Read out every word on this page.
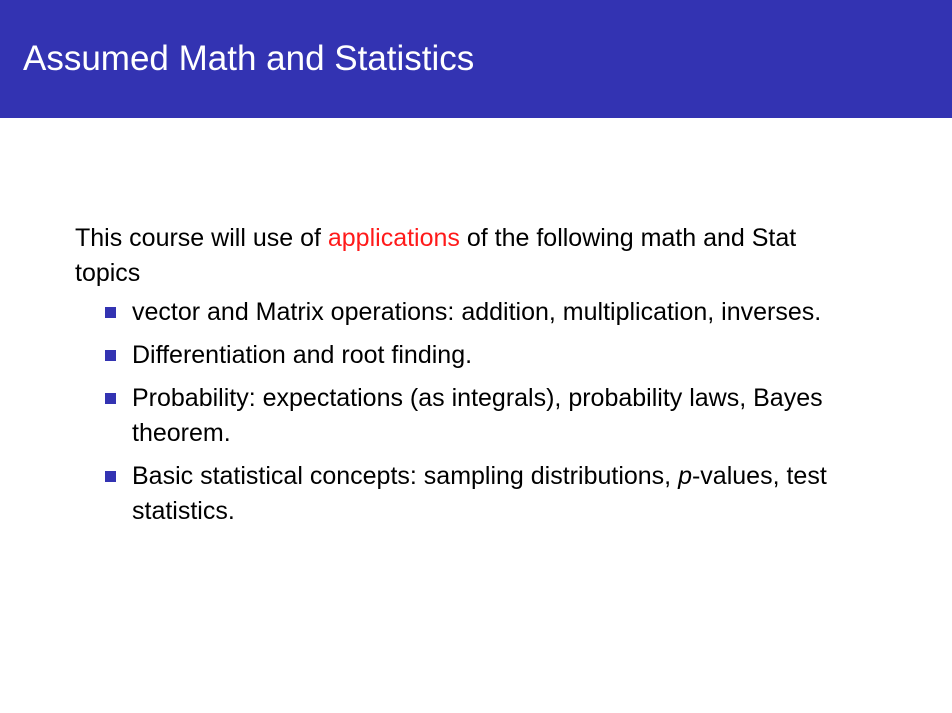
Assumed Math and Statistics

This course will use of applications of the following math and Stat topics

vector and Matrix operations: addition, multiplication, inverses.
Differentiation and root finding.
Probability: expectations (as integrals), probability laws, Bayes theorem.
Basic statistical concepts: sampling distributions, p-values, test statistics.
